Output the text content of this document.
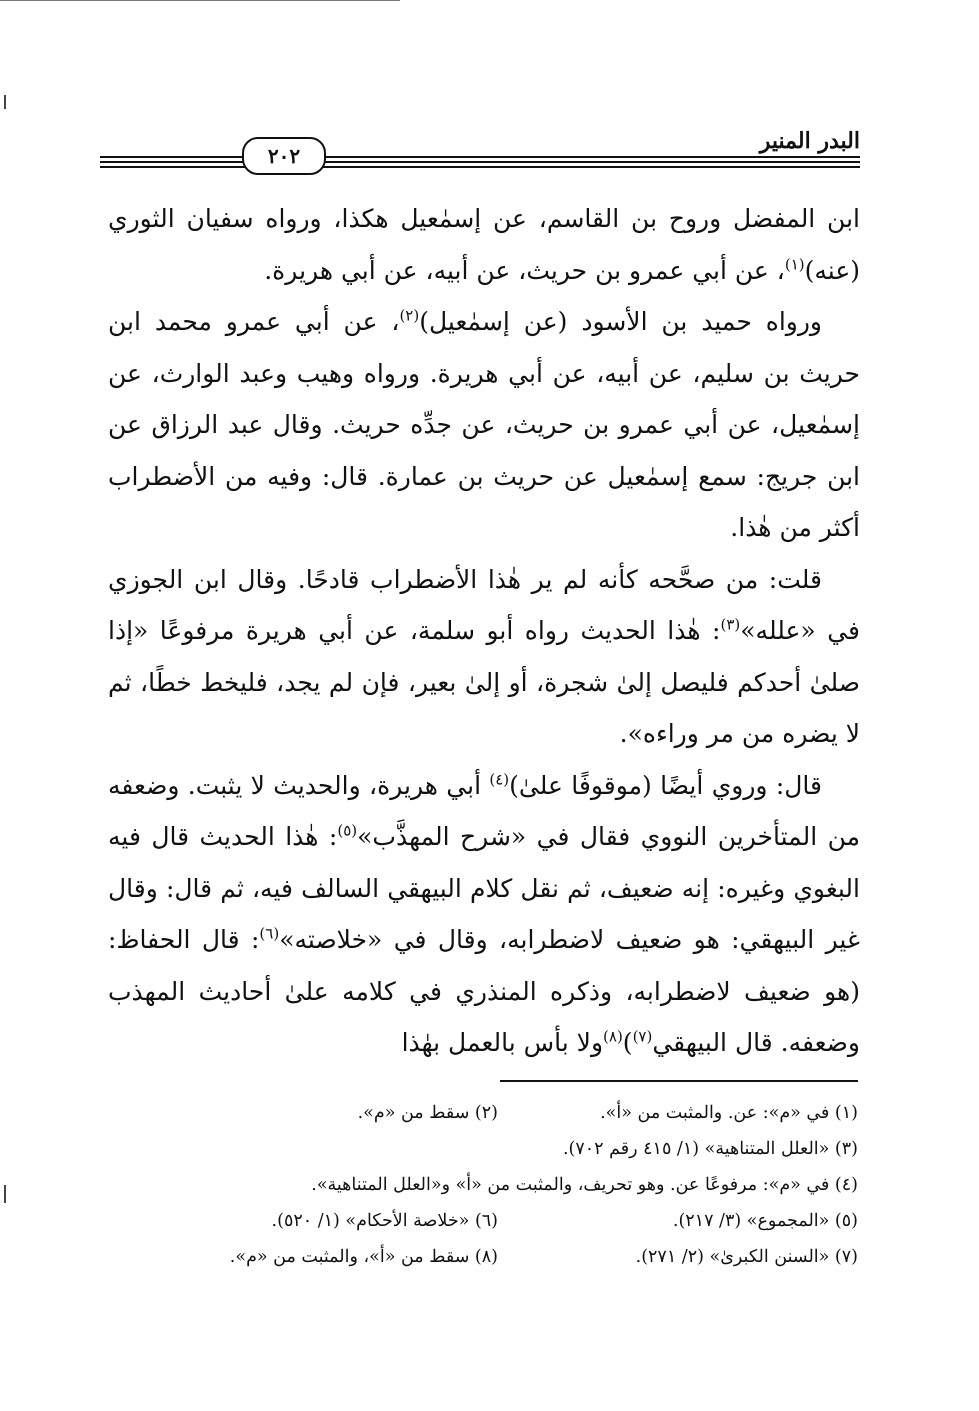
البدر المنير
٢٠٢

ابن المفضل وروح بن القاسم، عن إسمٰعيل هكذا، ورواه سفيان الثوري (عنه)$^{(١)}$، عن أبي عمرو بن حريث، عن أبيه، عن أبي هريرة.

ورواه حميد بن الأسود (عن إسمٰعيل)$^{(٢)}$، عن أبي عمرو محمد ابن حريث بن سليم، عن أبيه، عن أبي هريرة. ورواه وهيب وعبد الوارث، عن إسمٰعيل، عن أبي عمرو بن حريث، عن جدِّه حريث. وقال عبد الرزاق عن ابن جريج: سمع إسمٰعيل عن حريث بن عمارة. قال: وفيه من الأضطراب أكثر من هٰذا.

قلت: من صحَّحه كأنه لم ير هٰذا الأضطراب قادحًا. وقال ابن الجوزي في «علله»$^{(٣)}$: هٰذا الحديث رواه أبو سلمة، عن أبي هريرة مرفوعًا «إذا صلىٰ أحدكم فليصل إلىٰ شجرة، أو إلىٰ بعير، فإن لم يجد، فليخط خطًا، ثم لا يضره من مر وراءه».

قال: وروي أيضًا (موقوفًا علىٰ)$^{(٤)}$ أبي هريرة، والحديث لا يثبت. وضعفه من المتأخرين النووي فقال في «شرح المهذَّب»$^{(٥)}$: هٰذا الحديث قال فيه البغوي وغيره: إنه ضعيف، ثم نقل كلام البيهقي السالف فيه، ثم قال: وقال غير البيهقي: هو ضعيف لاضطرابه، وقال في «خلاصته»$^{(٦)}$: قال الحفاظ: (هو ضعيف لاضطرابه، وذكره المنذري في كلامه علىٰ أحاديث المهذب وضعفه. قال البيهقي$^{(٧)}$)$^{(٨)}$ولا بأس بالعمل بهٰذا

(١) في «م»: عن. والمثبت من «أ».
(٢) سقط من «م».
(٣) «العلل المتناهية» (١/ ٤١٥ رقم ٧٠٢).
(٤) في «م»: مرفوعًا عن. وهو تحريف، والمثبت من «أ» و«العلل المتناهية».
(٥) «المجموع» (٣/ ٢١٧).
(٦) «خلاصة الأحكام» (١/ ٥٢٠).
(٧) «السنن الكبرىٰ» (٢/ ٢٧١).
(٨) سقط من «أ»، والمثبت من «م».
